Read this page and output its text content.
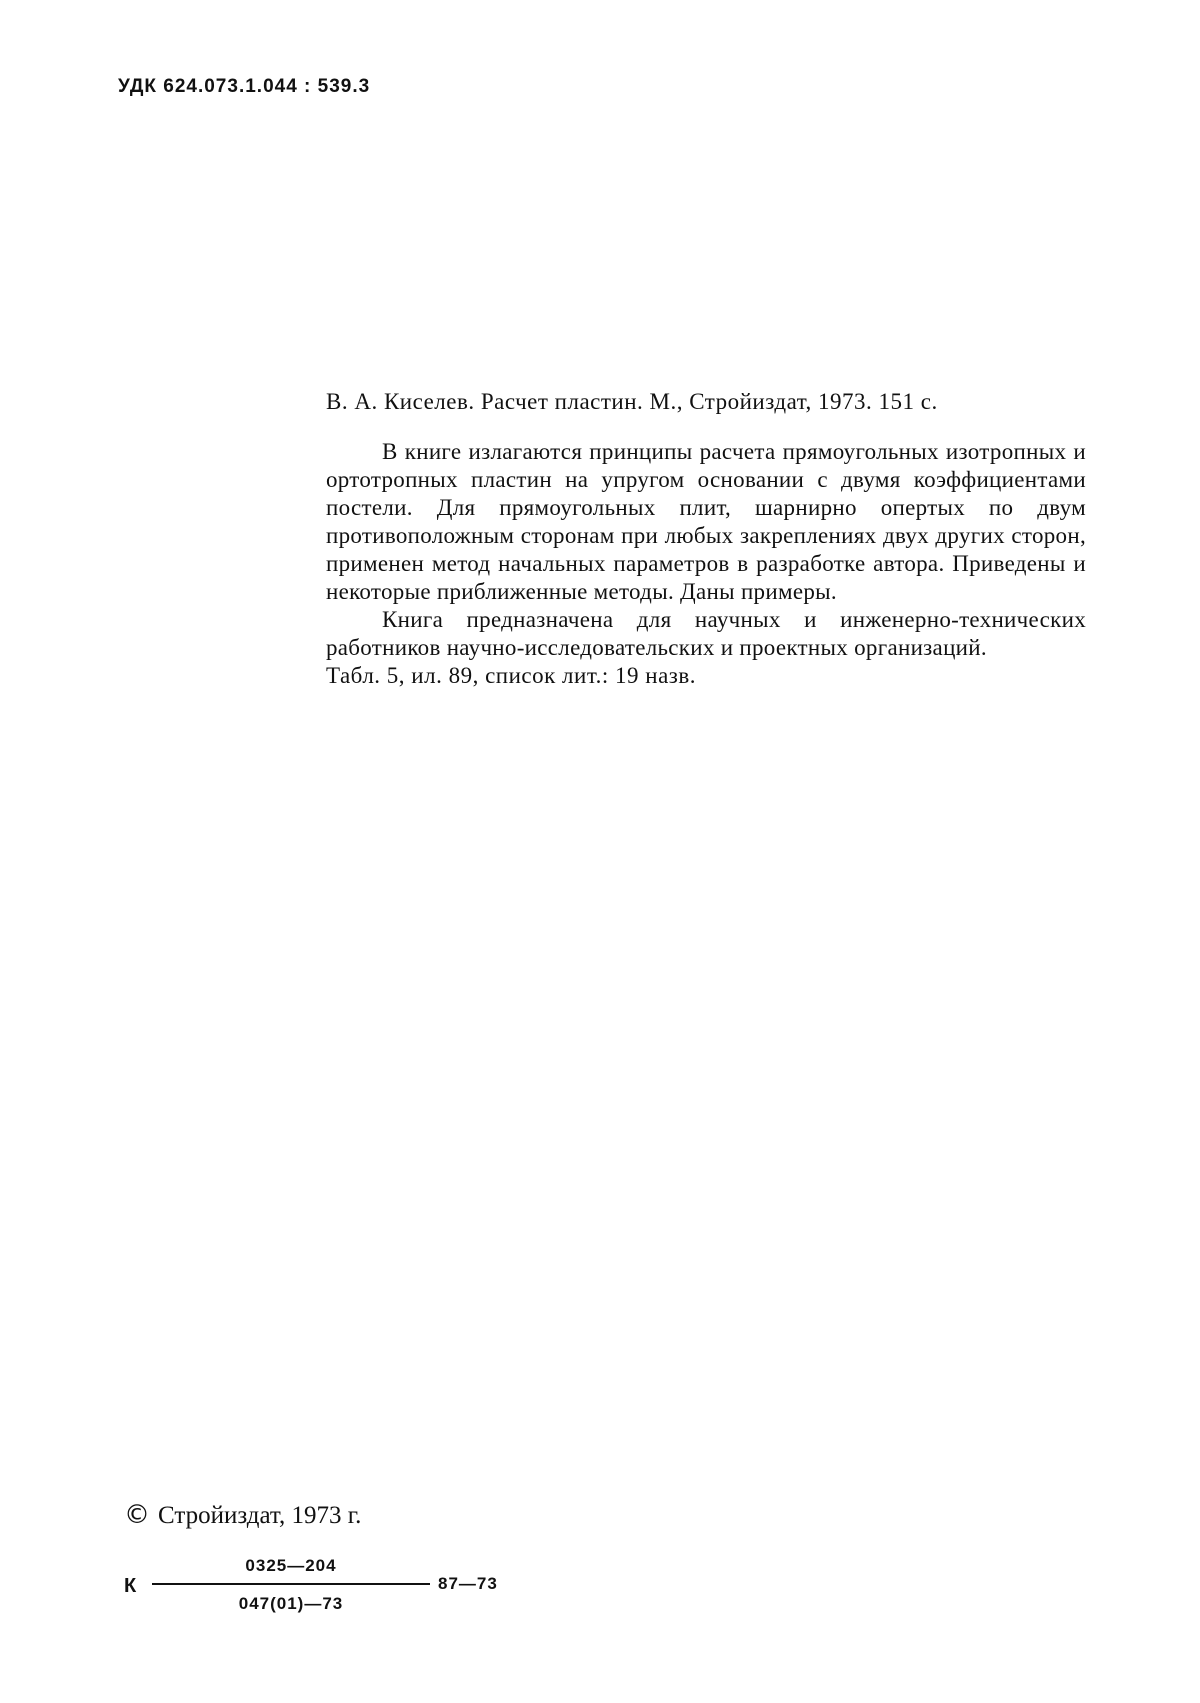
УДК 624.073.1.044 : 539.3
В. А. Киселев. Расчет пластин. М., Стройиздат, 1973. 151 с.

В книге излагаются принципы расчета прямоугольных изотропных и ортотропных пластин на упругом основании с двумя коэффициентами постели. Для прямоугольных плит, шарнирно опертых по двум противоположным сторонам при любых закреплениях двух других сторон, применен метод начальных параметров в разработке автора. Приведены и некоторые приближенные методы. Даны примеры.

Книга предназначена для научных и инженерно-технических работников научно-исследовательских и проектных организаций.

Табл. 5, ил. 89, список лит.: 19 назв.

© Стройиздат, 1973 г.
К
0325—204
047(01)—73
87—73
